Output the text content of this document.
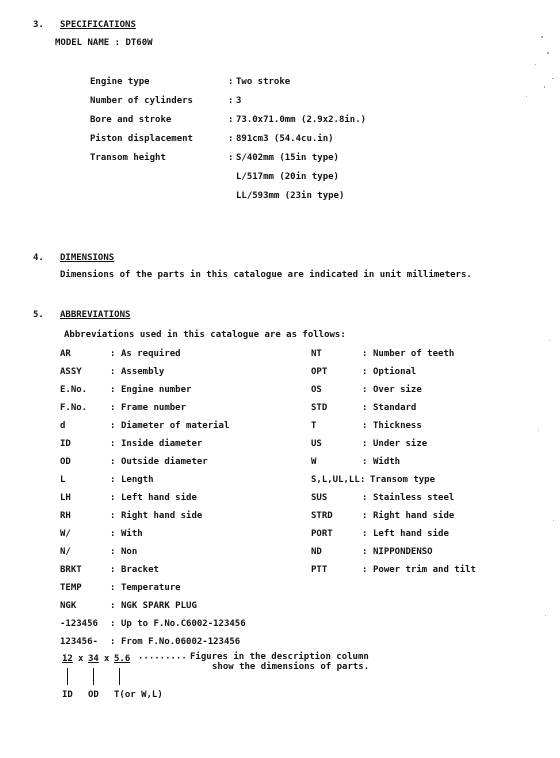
3. SPECIFICATIONS
MODEL NAME : DT60W
Engine type	: Two stroke
Number of cylinders	: 3
Bore and stroke	: 73.0x71.0mm (2.9x2.8in.)
Piston displacement	: 891cm3 (54.4cu.in)
Transom height	: S/402mm (15in type)
L/517mm (20in type)
LL/593mm (23in type)
4. DIMENSIONS
Dimensions of the parts in this catalogue are indicated in unit millimeters.
5. ABBREVIATIONS
Abbreviations used in this catalogue are as follows:
AR	: As required	NT	: Number of teeth
ASSY	: Assembly	OPT	: Optional
E.No.	: Engine number	OS	: Over size
F.No.	: Frame number	STD	: Standard
d	: Diameter of material	T	: Thickness
ID	: Inside diameter	US	: Under size
OD	: Outside diameter	W	: Width
L	: Length	S,L,UL,LL : Transom type
LH	: Left hand side	SUS	: Stainless steel
RH	: Right hand side	STRD	: Right hand side
W/	: With	PORT	: Left hand side
N/	: Non	ND	: NIPPONDENSO
BRKT	: Bracket	PTT	: Power trim and tilt
TEMP	: Temperature
NGK	: NGK SPARK PLUG
-123456 : Up to F.No.C6002-123456
123456- : From F.No.06002-123456
12 x 34 x 5.6 ········· Figures in the description column
show the dimensions of parts.
ID OD T(or W,L)
